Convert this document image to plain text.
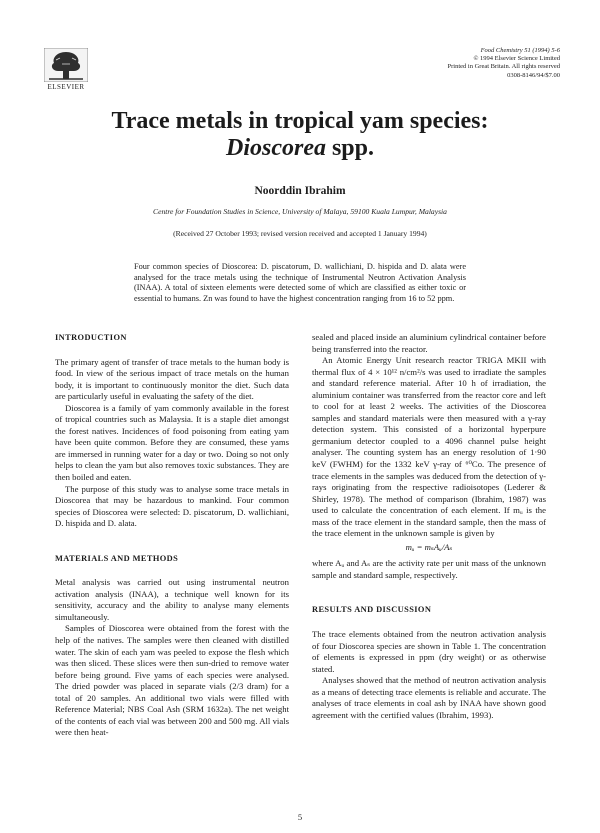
ELSEVIER
Food Chemistry 51 (1994) 5-6
© 1994 Elsevier Science Limited
Printed in Great Britain. All rights reserved
0308-8146/94/$7.00
Trace metals in tropical yam species:
Dioscorea spp.
Noorddin Ibrahim
Centre for Foundation Studies in Science, University of Malaya, 59100 Kuala Lumpur, Malaysia
(Received 27 October 1993; revised version received and accepted 1 January 1994)
Four common species of Dioscorea: D. piscatorum, D. wallichiani, D. hispida and D. alata were analysed for the trace metals using the technique of Instrumental Neutron Activation Analysis (INAA). A total of sixteen elements were detected some of which are classified as either toxic or essential to humans. Zn was found to have the highest concentration ranging from 16 to 52 ppm.
INTRODUCTION

The primary agent of transfer of trace metals to the human body is food. In view of the serious impact of trace metals on the human body, it is important to continuously monitor the diet. Such data are particularly useful in evaluating the safety of the diet.

Dioscorea is a family of yam commonly available in the forest of tropical countries such as Malaysia. It is a staple diet amongst the forest natives. Incidences of food poisoning from eating yam have been quite common. Before they are consumed, these yams are immersed in running water for a day or two. Doing so not only helps to clean the yam but also removes toxic substances. They are then boiled and eaten.

The purpose of this study was to analyse some trace metals in Dioscorea that may be hazardous to mankind. Four common species of Dioscorea were selected: D. piscatorum, D. wallichiani, D. hispida and D. alata.

MATERIALS AND METHODS

Metal analysis was carried out using instrumental neutron activation analysis (INAA), a technique well known for its sensitivity, accuracy and the ability to analyse many elements simultaneously.

Samples of Dioscorea were obtained from the forest with the help of the natives. The samples were then cleaned with distilled water. The skin of each yam was peeled to expose the flesh which was then sliced. These slices were then sun-dried to remove water before being ground. Five yams of each species were analysed. The dried powder was placed in separate vials (2/3 dram) for a total of 20 samples. An additional two vials were filled with Reference Material; NBS Coal Ash (SRM 1632a). The net weight of the contents of each vial was between 200 and 500 mg. All vials were then heat-

sealed and placed inside an aluminium cylindrical container before being transferred into the reactor.

An Atomic Energy Unit research reactor TRIGA MKII with thermal flux of 4 × 10¹² n/cm²/s was used to irradiate the samples and standard reference material. After 10 h of irradiation, the aluminium container was transferred from the reactor core and left to cool for at least 2 weeks. The activities of the Dioscorea samples and standard materials were then measured with a γ-ray detection system. This consisted of a horizontal hyperpure germanium detector coupled to a 4096 channel pulse height analyser. The counting system has an energy resolution of 1·90 keV (FWHM) for the 1332 keV γ-ray of ⁶⁰Co. The presence of trace elements in the samples was deduced from the detection of γ-rays originating from the respective radioisotopes (Lederer & Shirley, 1978). The method of comparison (Ibrahim, 1987) was used to calculate the concentration of each element. If mᵤ is the mass of the trace element in the standard sample, then the mass of the trace element in the unknown sample is given by

mᵤ = mₛAᵤ/Aₛ

where Aᵤ and Aₛ are the activity rate per unit mass of the unknown sample and standard sample, respectively.

RESULTS AND DISCUSSION

The trace elements obtained from the neutron activation analysis of four Dioscorea species are shown in Table 1. The concentration of elements is expressed in ppm (dry weight) or as otherwise stated.

Analyses showed that the method of neutron activation analysis as a means of detecting trace elements is reliable and accurate. The analyses of trace elements in coal ash by INAA have shown good agreement with the certified values (Ibrahim, 1993).

5
